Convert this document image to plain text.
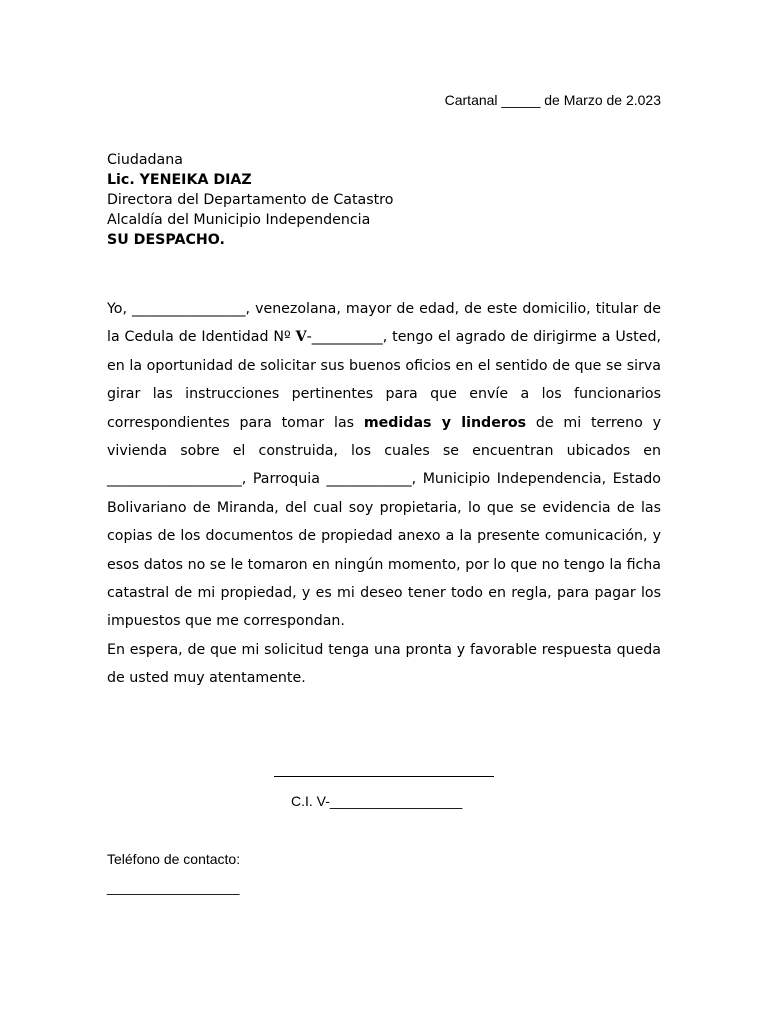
Cartanal _____ de Marzo de 2.023
Ciudadana
Lic. YENEIKA DIAZ
Directora del Departamento de Catastro
Alcaldía del Municipio Independencia
SU DESPACHO.

Yo, ________________, venezolana, mayor de edad, de este domicilio, titular de la Cedula de Identidad Nº V-__________, tengo el agrado de dirigirme a Usted, en la oportunidad de solicitar sus buenos oficios en el sentido de que se sirva girar las instrucciones pertinentes para que envíe a los funcionarios correspondientes para tomar las medidas y linderos de mi terreno y vivienda sobre el construida, los cuales se encuentran ubicados en ___________________, Parroquia ____________, Municipio Independencia, Estado Bolivariano de Miranda, del cual soy propietaria, lo que se evidencia de las copias de los documentos de propiedad anexo a la presente comunicación, y esos datos no se le tomaron en ningún momento, por lo que no tengo la ficha catastral de mi propiedad, y es mi deseo tener todo en regla, para pagar los impuestos que me correspondan.

En espera, de que mi solicitud tenga una pronta y favorable respuesta queda de usted muy atentamente.

C.I. V-_________________
Teléfono de contacto:
_________________
